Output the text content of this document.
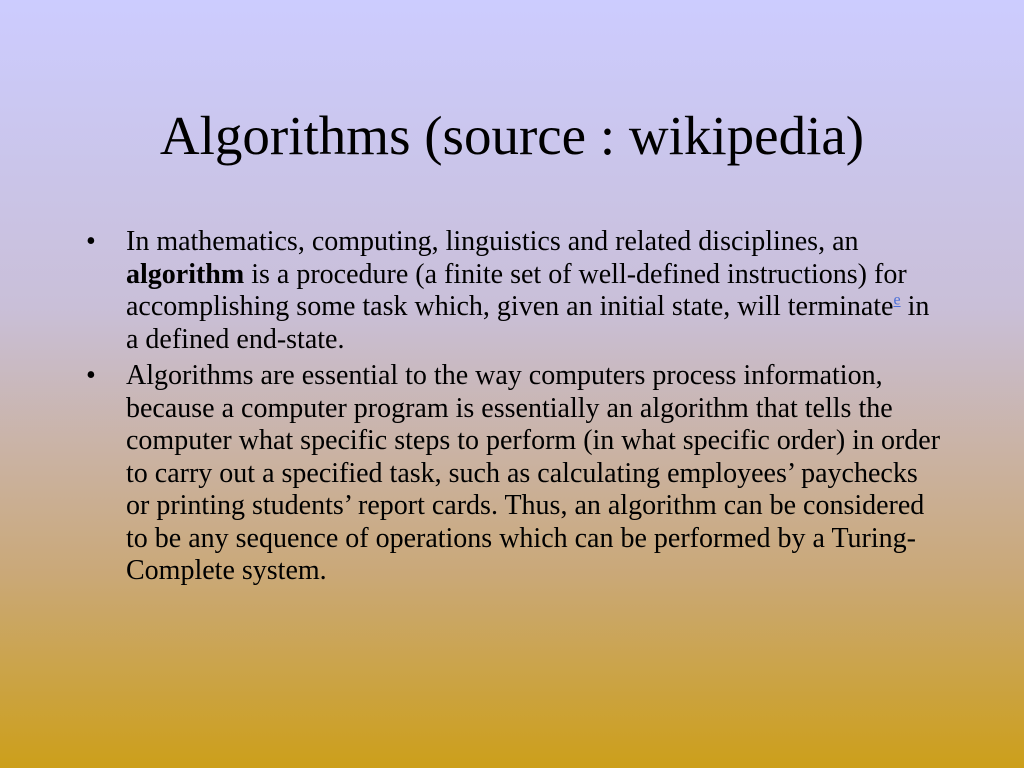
Algorithms (source : wikipedia)
•	In mathematics, computing, linguistics and related disciplines, an algorithm is a procedure (a finite set of well-defined instructions) for accomplishing some task which, given an initial state, will terminate$^e$ in a defined end-state.
•	Algorithms are essential to the way computers process information, because a computer program is essentially an algorithm that tells the computer what specific steps to perform (in what specific order) in order to carry out a specified task, such as calculating employees’ paychecks or printing students’ report cards. Thus, an algorithm can be considered to be any sequence of operations which can be performed by a Turing-Complete system.
